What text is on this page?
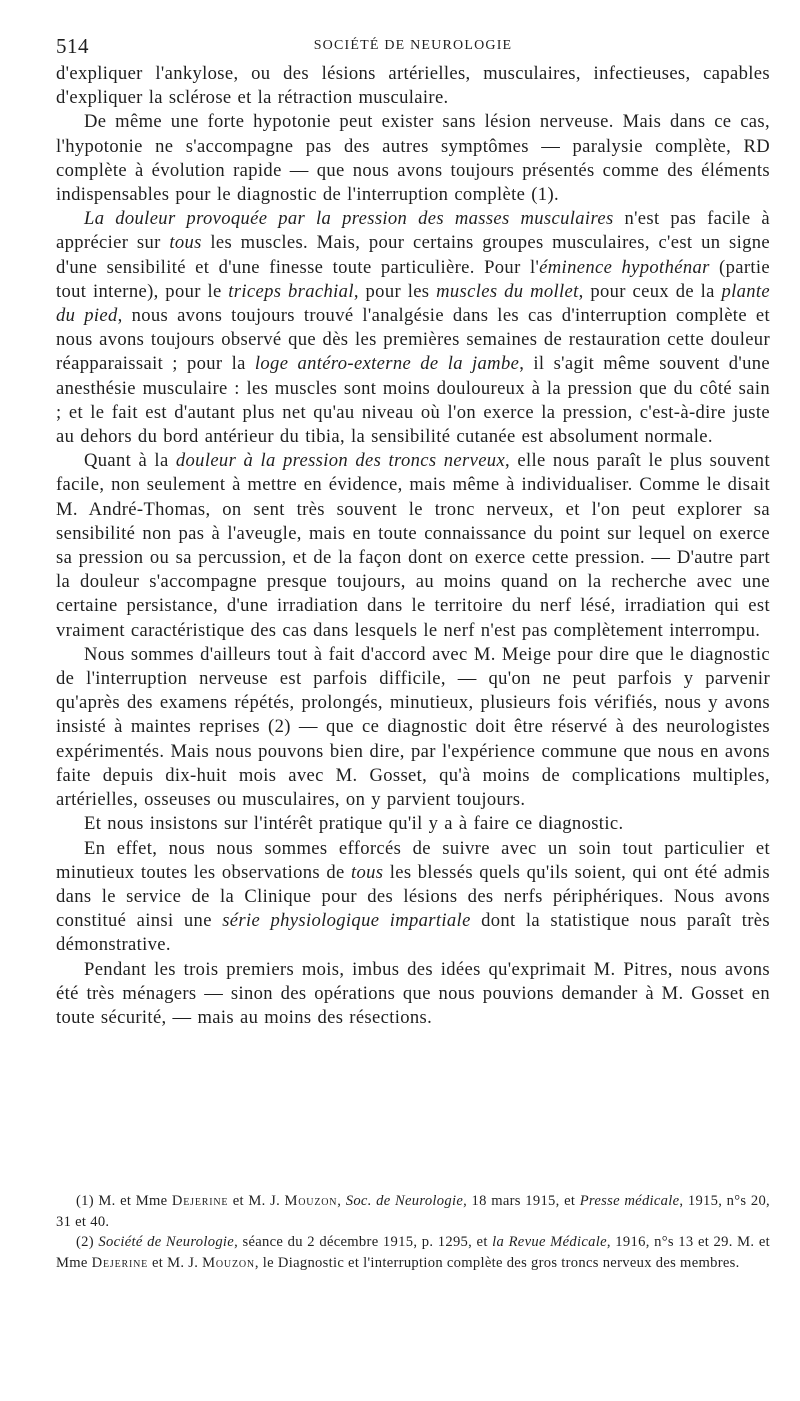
514	SOCIÉTÉ DE NEUROLOGIE

d'expliquer l'ankylose, ou des lésions artérielles, musculaires, infectieuses, capables d'expliquer la sclérose et la rétraction musculaire.

De même une forte hypotonie peut exister sans lésion nerveuse. Mais dans ce cas, l'hypotonie ne s'accompagne pas des autres symptômes — paralysie complète, RD complète à évolution rapide — que nous avons toujours présentés comme des éléments indispensables pour le diagnostic de l'interruption complète (1).

La douleur provoquée par la pression des masses musculaires n'est pas facile à apprécier sur tous les muscles. Mais, pour certains groupes musculaires, c'est un signe d'une sensibilité et d'une finesse toute particulière. Pour l'éminence hypothénar (partie tout interne), pour le triceps brachial, pour les muscles du mollet, pour ceux de la plante du pied, nous avons toujours trouvé l'analgésie dans les cas d'interruption complète et nous avons toujours observé que dès les premières semaines de restauration cette douleur réapparaissait ; pour la loge antéro-externe de la jambe, il s'agit même souvent d'une anesthésie musculaire : les muscles sont moins douloureux à la pression que du côté sain ; et le fait est d'autant plus net qu'au niveau où l'on exerce la pression, c'est-à-dire juste au dehors du bord antérieur du tibia, la sensibilité cutanée est absolument normale.

Quant à la douleur à la pression des troncs nerveux, elle nous paraît le plus souvent facile, non seulement à mettre en évidence, mais même à individualiser. Comme le disait M. André-Thomas, on sent très souvent le tronc nerveux, et l'on peut explorer sa sensibilité non pas à l'aveugle, mais en toute connaissance du point sur lequel on exerce sa pression ou sa percussion, et de la façon dont on exerce cette pression. — D'autre part la douleur s'accompagne presque toujours, au moins quand on la recherche avec une certaine persistance, d'une irradiation dans le territoire du nerf lésé, irradiation qui est vraiment caractéristique des cas dans lesquels le nerf n'est pas complètement interrompu.

Nous sommes d'ailleurs tout à fait d'accord avec M. Meige pour dire que le diagnostic de l'interruption nerveuse est parfois difficile, — qu'on ne peut parfois y parvenir qu'après des examens répétés, prolongés, minutieux, plusieurs fois vérifiés, nous y avons insisté à maintes reprises (2) — que ce diagnostic doit être réservé à des neurologistes expérimentés. Mais nous pouvons bien dire, par l'expérience commune que nous en avons faite depuis dix-huit mois avec M. Gosset, qu'à moins de complications multiples, artérielles, osseuses ou musculaires, on y parvient toujours.

Et nous insistons sur l'intérêt pratique qu'il y a à faire ce diagnostic.

En effet, nous nous sommes efforcés de suivre avec un soin tout particulier et minutieux toutes les observations de tous les blessés quels qu'ils soient, qui ont été admis dans le service de la Clinique pour des lésions des nerfs périphériques. Nous avons constitué ainsi une série physiologique impartiale dont la statistique nous paraît très démonstrative.

Pendant les trois premiers mois, imbus des idées qu'exprimait M. Pitres, nous avons été très ménagers — sinon des opérations que nous pouvions demander à M. Gosset en toute sécurité, — mais au moins des résections.

(1) M. et Mme Dejerine et M. J. Mouzon, Soc. de Neurologie, 18 mars 1915, et Presse médicale, 1915, n°s 20, 31 et 40.

(2) Société de Neurologie, séance du 2 décembre 1915, p. 1295, et la Revue Médicale, 1916, n°s 13 et 29. M. et Mme Dejerine et M. J. Mouzon, le Diagnostic et l'interruption complète des gros troncs nerveux des membres.
